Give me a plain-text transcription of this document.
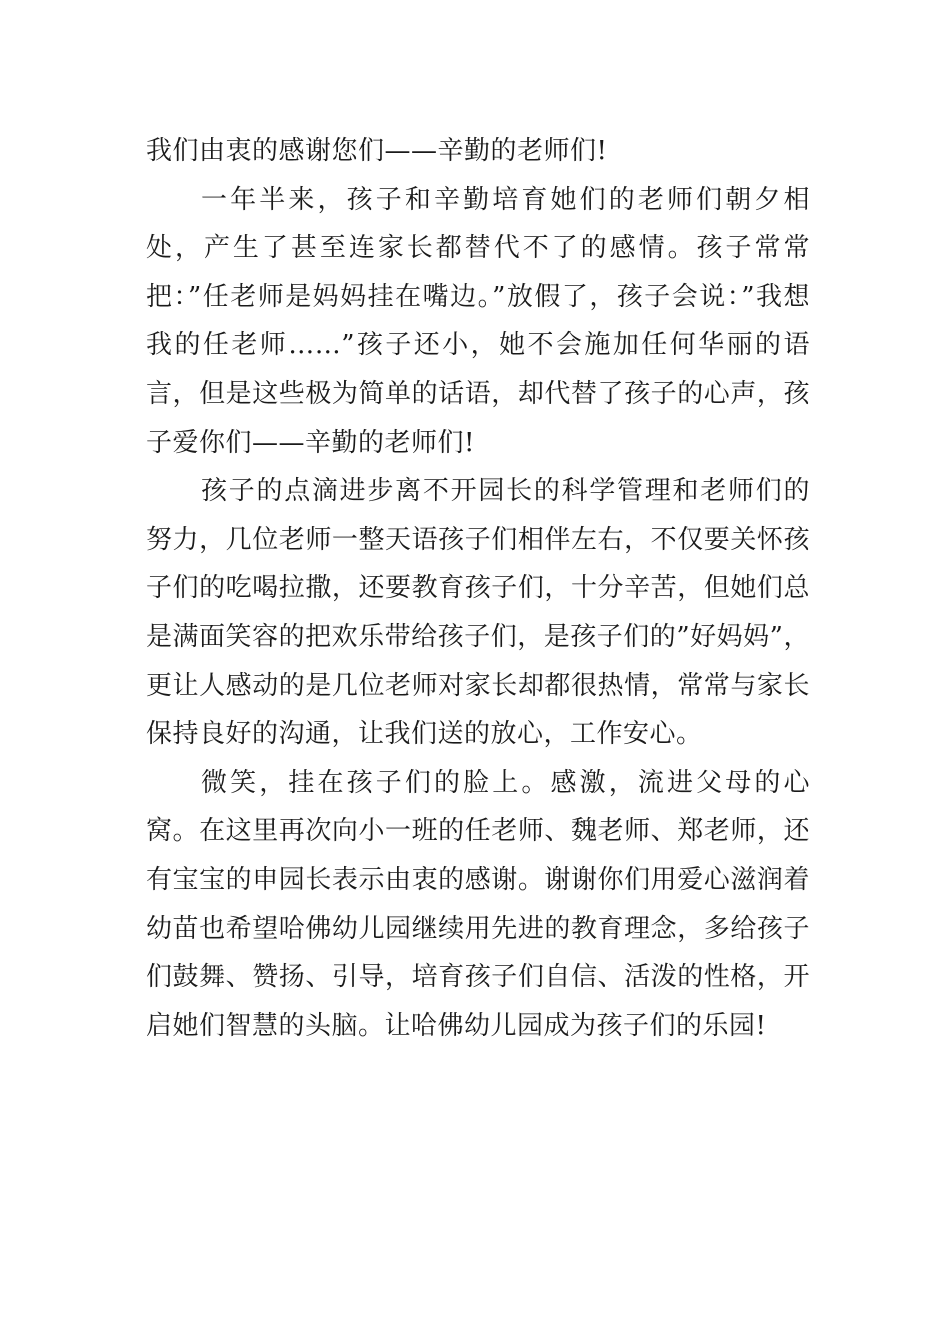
我们由衷的感谢您们——辛勤的老师们!

一年半来，孩子和辛勤培育她们的老师们朝夕相处，产生了甚至连家长都替代不了的感情。孩子常常把：”任老师是妈妈挂在嘴边。”放假了，孩子会说：”我想我的任老师……”孩子还小，她不会施加任何华丽的语言，但是这些极为简单的话语，却代替了孩子的心声，孩子爱你们——辛勤的老师们!

孩子的点滴进步离不开园长的科学管理和老师们的努力，几位老师一整天语孩子们相伴左右，不仅要关怀孩子们的吃喝拉撒，还要教育孩子们，十分辛苦，但她们总是满面笑容的把欢乐带给孩子们，是孩子们的”好妈妈”，更让人感动的是几位老师对家长却都很热情，常常与家长保持良好的沟通，让我们送的放心，工作安心。

微笑，挂在孩子们的脸上。感激，流进父母的心窝。在这里再次向小一班的任老师、魏老师、郑老师，还有宝宝的申园长表示由衷的感谢。谢谢你们用爱心滋润着幼苗也希望哈佛幼儿园继续用先进的教育理念，多给孩子们鼓舞、赞扬、引导，培育孩子们自信、活泼的性格，开启她们智慧的头脑。让哈佛幼儿园成为孩子们的乐园!
